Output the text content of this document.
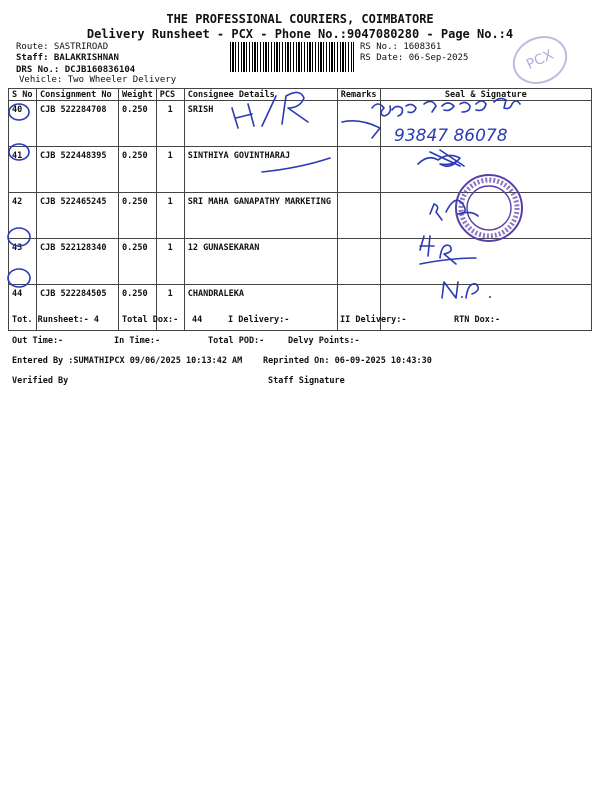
THE PROFESSIONAL COURIERS, COIMBATORE
Delivery Runsheet - PCX - Phone No.:9047080280 - Page No.:4
Route: SASTRIROAD
Staff: BALAKRISHNAN
DRS No.: DCJB160836104
Vehicle: Two Wheeler Delivery
RS No.: 1608361
RS Date: 06-Sep-2025	PCX
S No	Consignment No	Weight	PCS	Consignee Details	Remarks	Seal & Signature
40	CJB 522284708	0.250	1	SRISH		
41	CJB 522448395	0.250	1	SINTHIYA GOVINTHARAJ		
42	CJB 522465245	0.250	1	SRI MAHA GANAPATHY MARKETING		
43	CJB 522128340	0.250	1	12 GUNASEKARAN		
44	CJB 522284505	0.250	1	CHANDRALEKA		
93847 86078
Tot. Runsheet:- 4	Total Dox:- 44	I Delivery:-	II Delivery:-	RTN Dox:-
Out Time:-	In Time:-	Total POD:-	Delvy Points:-
Entered By :SUMATHIPCX 09/06/2025 10:13:42 AM Reprinted On: 06-09-2025 10:43:30
Verified By	Staff Signature
